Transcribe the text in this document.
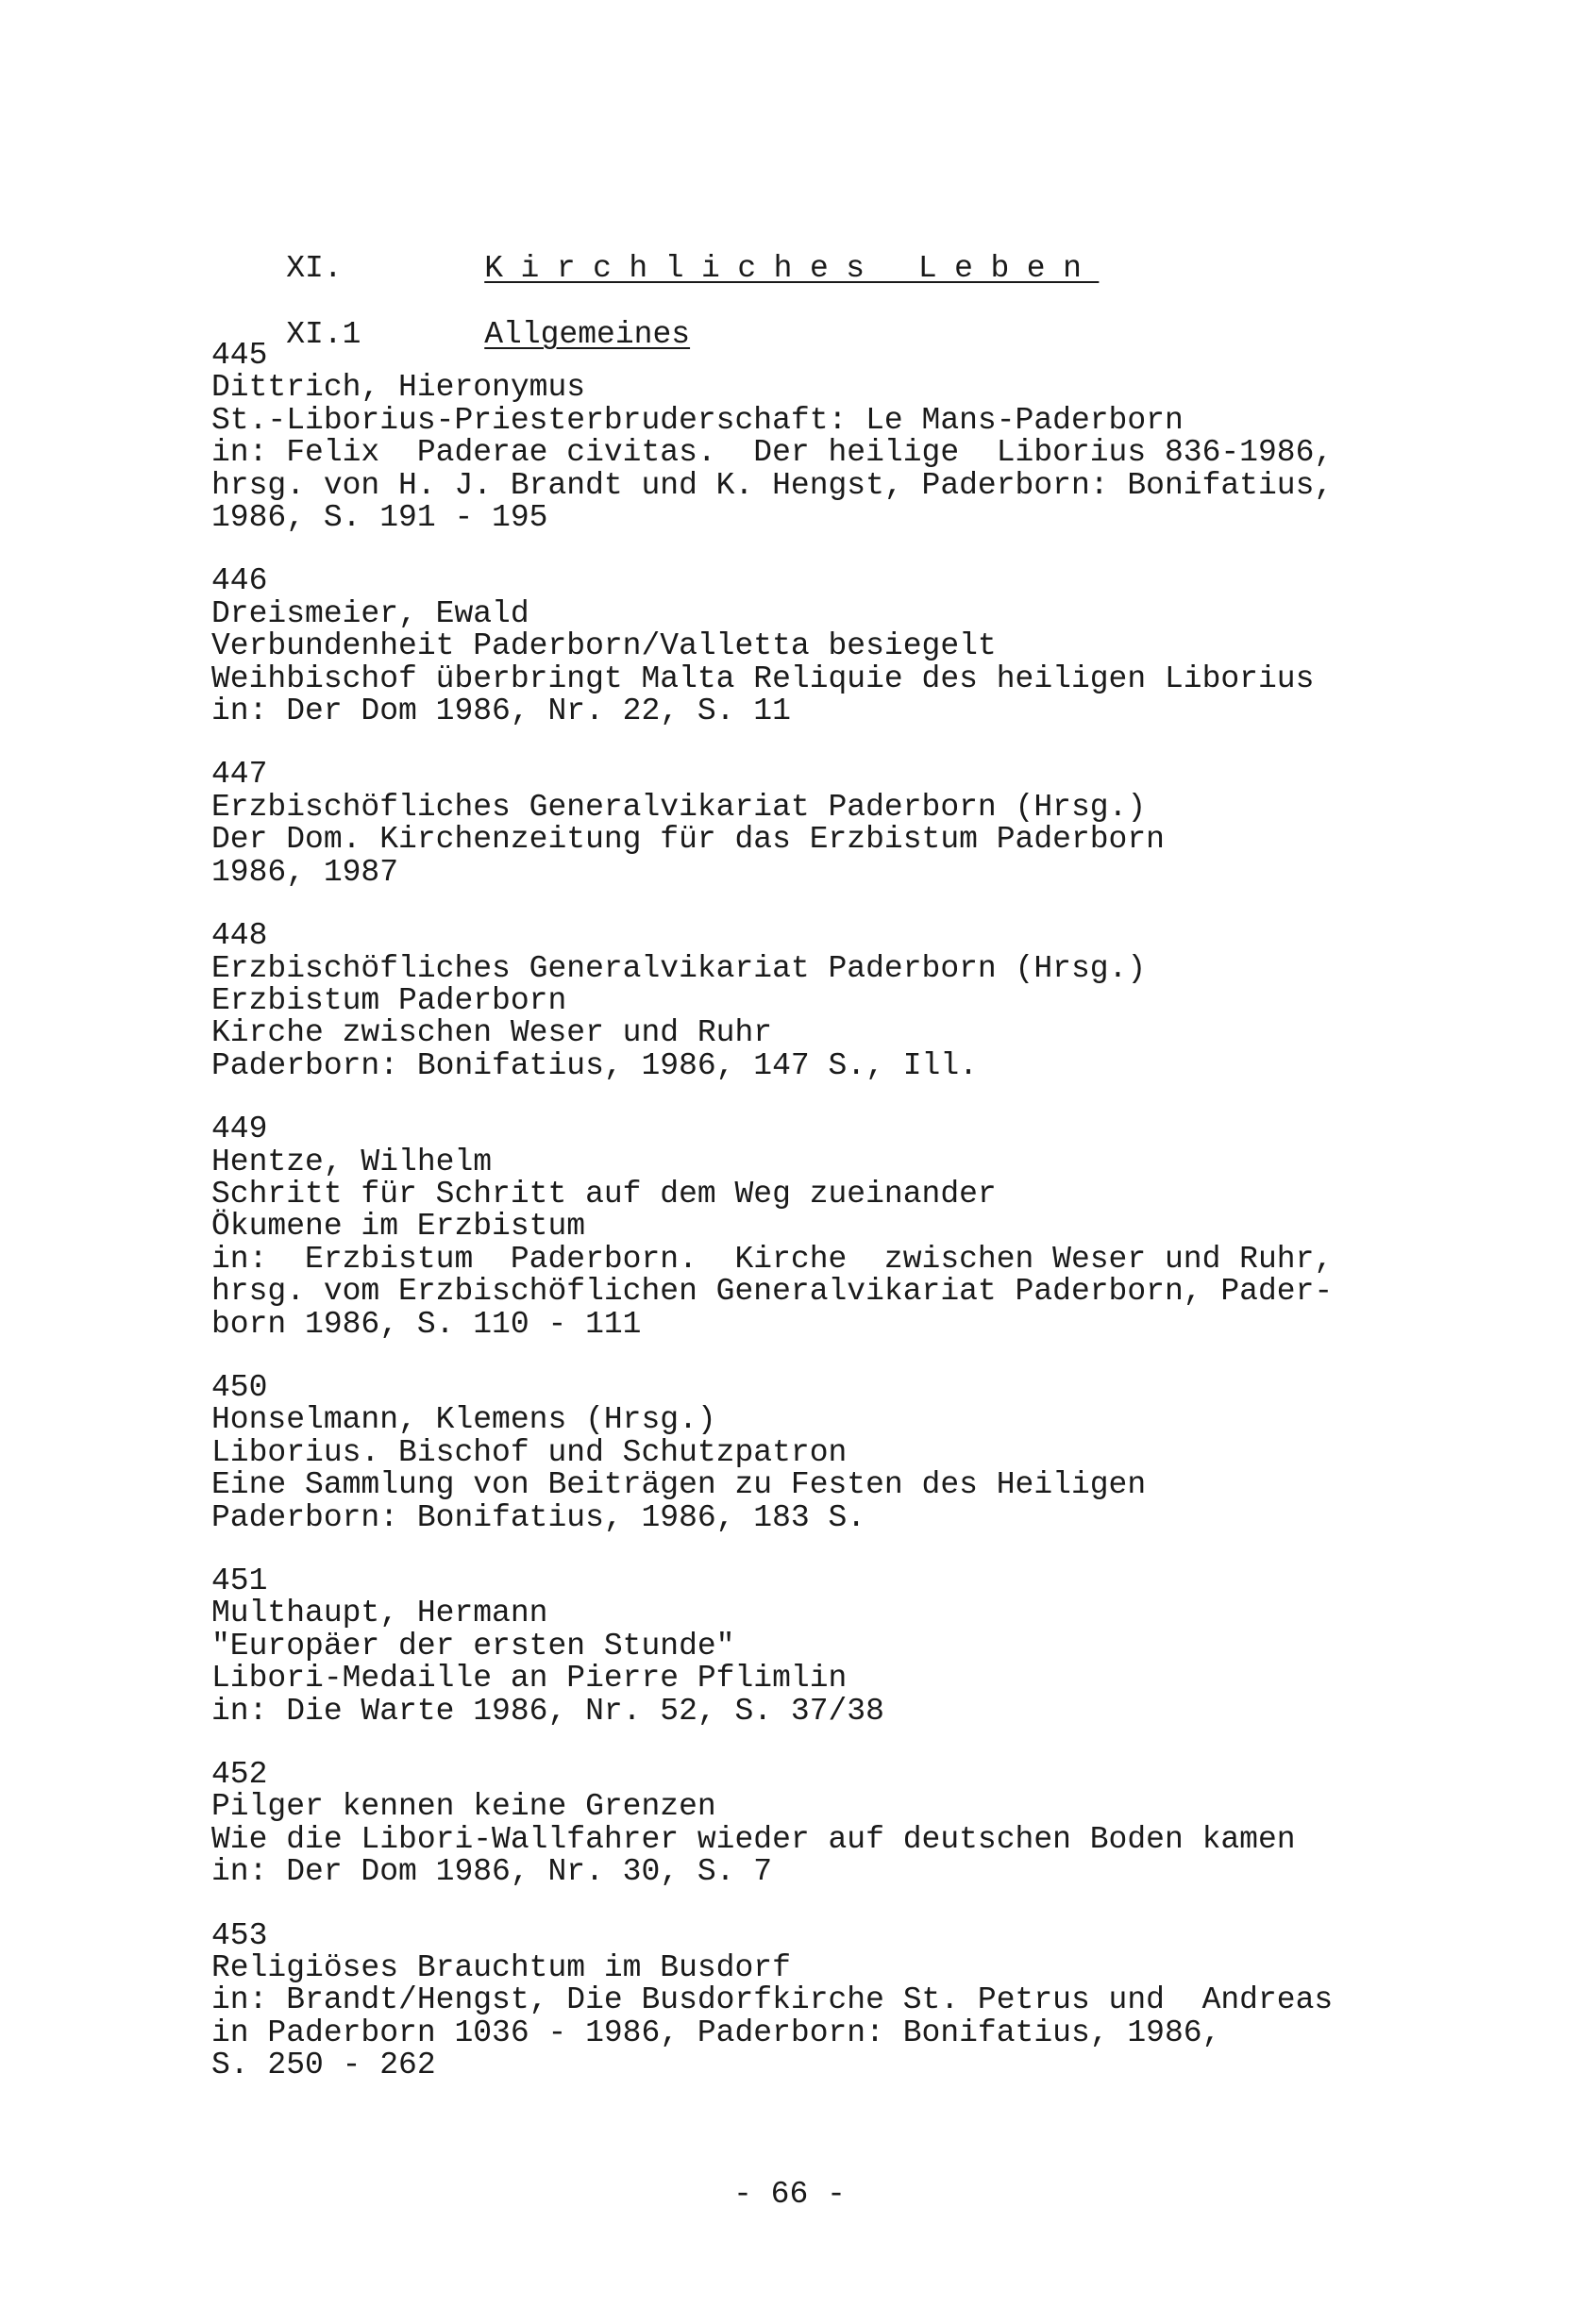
XI.	Kirchliches Leben

XI.1	Allgemeines

445

Dittrich, Hieronymus

St.-Liborius-Priesterbruderschaft: Le Mans-Paderborn

in: Felix  Paderae civitas.  Der heilige  Liborius 836-1986,

hrsg. von H. J. Brandt und K. Hengst, Paderborn: Bonifatius,

1986, S. 191 - 195

446

Dreismeier, Ewald

Verbundenheit Paderborn/Valletta besiegelt

Weihbischof überbringt Malta Reliquie des heiligen Liborius

in: Der Dom 1986, Nr. 22, S. 11

447

Erzbischöfliches Generalvikariat Paderborn (Hrsg.)

Der Dom. Kirchenzeitung für das Erzbistum Paderborn

1986, 1987

448

Erzbischöfliches Generalvikariat Paderborn (Hrsg.)

Erzbistum Paderborn

Kirche zwischen Weser und Ruhr

Paderborn: Bonifatius, 1986, 147 S., Ill.

449

Hentze, Wilhelm

Schritt für Schritt auf dem Weg zueinander

Ökumene im Erzbistum

in:  Erzbistum  Paderborn.  Kirche  zwischen Weser und Ruhr,

hrsg. vom Erzbischöflichen Generalvikariat Paderborn, Pader-

born 1986, S. 110 - 111

450

Honselmann, Klemens (Hrsg.)

Liborius. Bischof und Schutzpatron

Eine Sammlung von Beiträgen zu Festen des Heiligen

Paderborn: Bonifatius, 1986, 183 S.

451

Multhaupt, Hermann

"Europäer der ersten Stunde"

Libori-Medaille an Pierre Pflimlin

in: Die Warte 1986, Nr. 52, S. 37/38

452

Pilger kennen keine Grenzen

Wie die Libori-Wallfahrer wieder auf deutschen Boden kamen

in: Der Dom 1986, Nr. 30, S. 7

453

Religiöses Brauchtum im Busdorf

in: Brandt/Hengst, Die Busdorfkirche St. Petrus und  Andreas

in Paderborn 1036 - 1986, Paderborn: Bonifatius, 1986,

S. 250 - 262

- 66 -
